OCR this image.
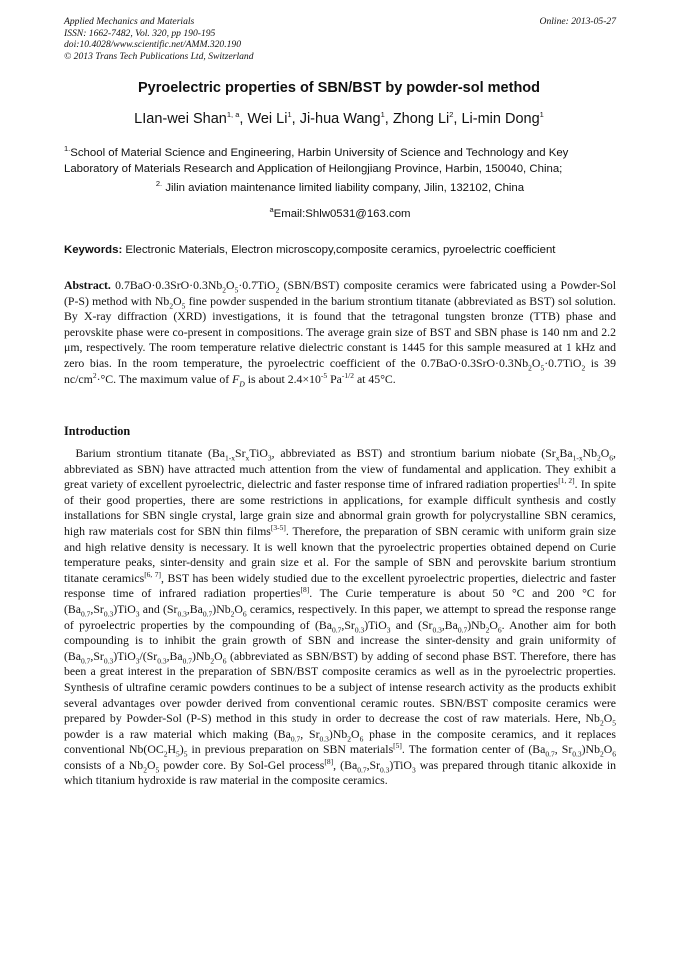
Applied Mechanics and Materials
ISSN: 1662-7482, Vol. 320, pp 190-195
doi:10.4028/www.scientific.net/AMM.320.190
© 2013 Trans Tech Publications Ltd, Switzerland
Online: 2013-05-27
Pyroelectric properties of SBN/BST by powder-sol method
LIan-wei Shan$^{1, a}$, Wei Li$^1$, Ji-hua Wang$^1$, Zhong Li$^2$, Li-min Dong$^1$
$^{1.}$School of Material Science and Engineering, Harbin University of Science and Technology and Key Laboratory of Materials Research and Application of Heilongjiang Province, Harbin, 150040, China;
$^{2.}$ Jilin aviation maintenance limited liability company, Jilin, 132102, China
$^a$Email:Shlw0531@163.com
Keywords: Electronic Materials, Electron microscopy,composite ceramics, pyroelectric coefficient
Abstract. $0.7BaO\cdot 0.3SrO\cdot 0.3Nb_2O_5\cdot 0.7TiO_2$ (SBN/BST) composite ceramics were fabricated using a Powder-Sol (P-S) method with $Nb_2O_5$ fine powder suspended in the barium strontium titanate (abbreviated as BST) sol solution. By X-ray diffraction (XRD) investigations, it is found that the tetragonal tungsten bronze (TTB) phase and perovskite phase were co-present in compositions. The average grain size of BST and SBN phase is 140 nm and 2.2 μm, respectively. The room temperature relative dielectric constant is 1445 for this sample measured at 1 kHz and zero bias. In the room temperature, the pyroelectric coefficient of the $0.7BaO\cdot 0.3SrO\cdot 0.3Nb_2O_5\cdot 0.7TiO_2$ is 39 $nc/cm^2\cdot^\circ C$. The maximum value of $F_D$ is about $2.4\times 10^{-5}$ $Pa^{-1/2}$ at 45°C.
Introduction
Barium strontium titanate ($Ba_{1-x}Sr_xTiO_3$, abbreviated as BST) and strontium barium niobate ($Sr_xBa_{1-x}Nb_2O_6$, abbreviated as SBN) have attracted much attention from the view of fundamental and application. They exhibit a great variety of excellent pyroelectric, dielectric and faster response time of infrared radiation properties[1, 2]. In spite of their good properties, there are some restrictions in applications, for example difficult synthesis and costly installations for SBN single crystal, large grain size and abnormal grain growth for polycrystalline SBN ceramics, high raw materials cost for SBN thin films[3-5]. Therefore, the preparation of SBN ceramic with uniform grain size and high relative density is necessary. It is well known that the pyroelectric properties obtained depend on Curie temperature peaks, sinter-density and grain size et al. For the sample of SBN and perovskite barium strontium titanate ceramics[6, 7], BST has been widely studied due to the excellent pyroelectric properties, dielectric and faster response time of infrared radiation properties[8]. The Curie temperature is about 50 °C and 200 °C for $(Ba_{0.7},Sr_{0.3})TiO_3$ and $(Sr_{0.3},Ba_{0.7})Nb_2O_6$ ceramics, respectively. In this paper, we attempt to spread the response range of pyroelectric properties by the compounding of $(Ba_{0.7},Sr_{0.3})TiO_3$ and $(Sr_{0.3},Ba_{0.7})Nb_2O_6$. Another aim for both compounding is to inhibit the grain growth of SBN and increase the sinter-density and grain uniformity of $(Ba_{0.7},Sr_{0.3})TiO_3/(Sr_{0.3},Ba_{0.7})Nb_2O_6$ (abbreviated as SBN/BST) by adding of second phase BST. Therefore, there has been a great interest in the preparation of SBN/BST composite ceramics as well as in the pyroelectric properties. Synthesis of ultrafine ceramic powders continues to be a subject of intense research activity as the products exhibit several advantages over powder derived from conventional ceramic routes. SBN/BST composite ceramics were prepared by Powder-Sol (P-S) method in this study in order to decrease the cost of raw materials. Here, $Nb_2O_5$ powder is a raw material which making ($Ba_{0.7}$, $Sr_{0.3})Nb_2O_6$ phase in the composite ceramics, and it replaces conventional $Nb(OC_2H_5)_5$ in previous preparation on SBN materials[5]. The formation center of ($Ba_{0.7}$, $Sr_{0.3})Nb_2O_6$ consists of a $Nb_2O_5$ powder core. By Sol-Gel process[8], $(Ba_{0.7},Sr_{0.3})TiO_3$ was prepared through titanic alkoxide in which titanium hydroxide is raw material in the composite ceramics.
